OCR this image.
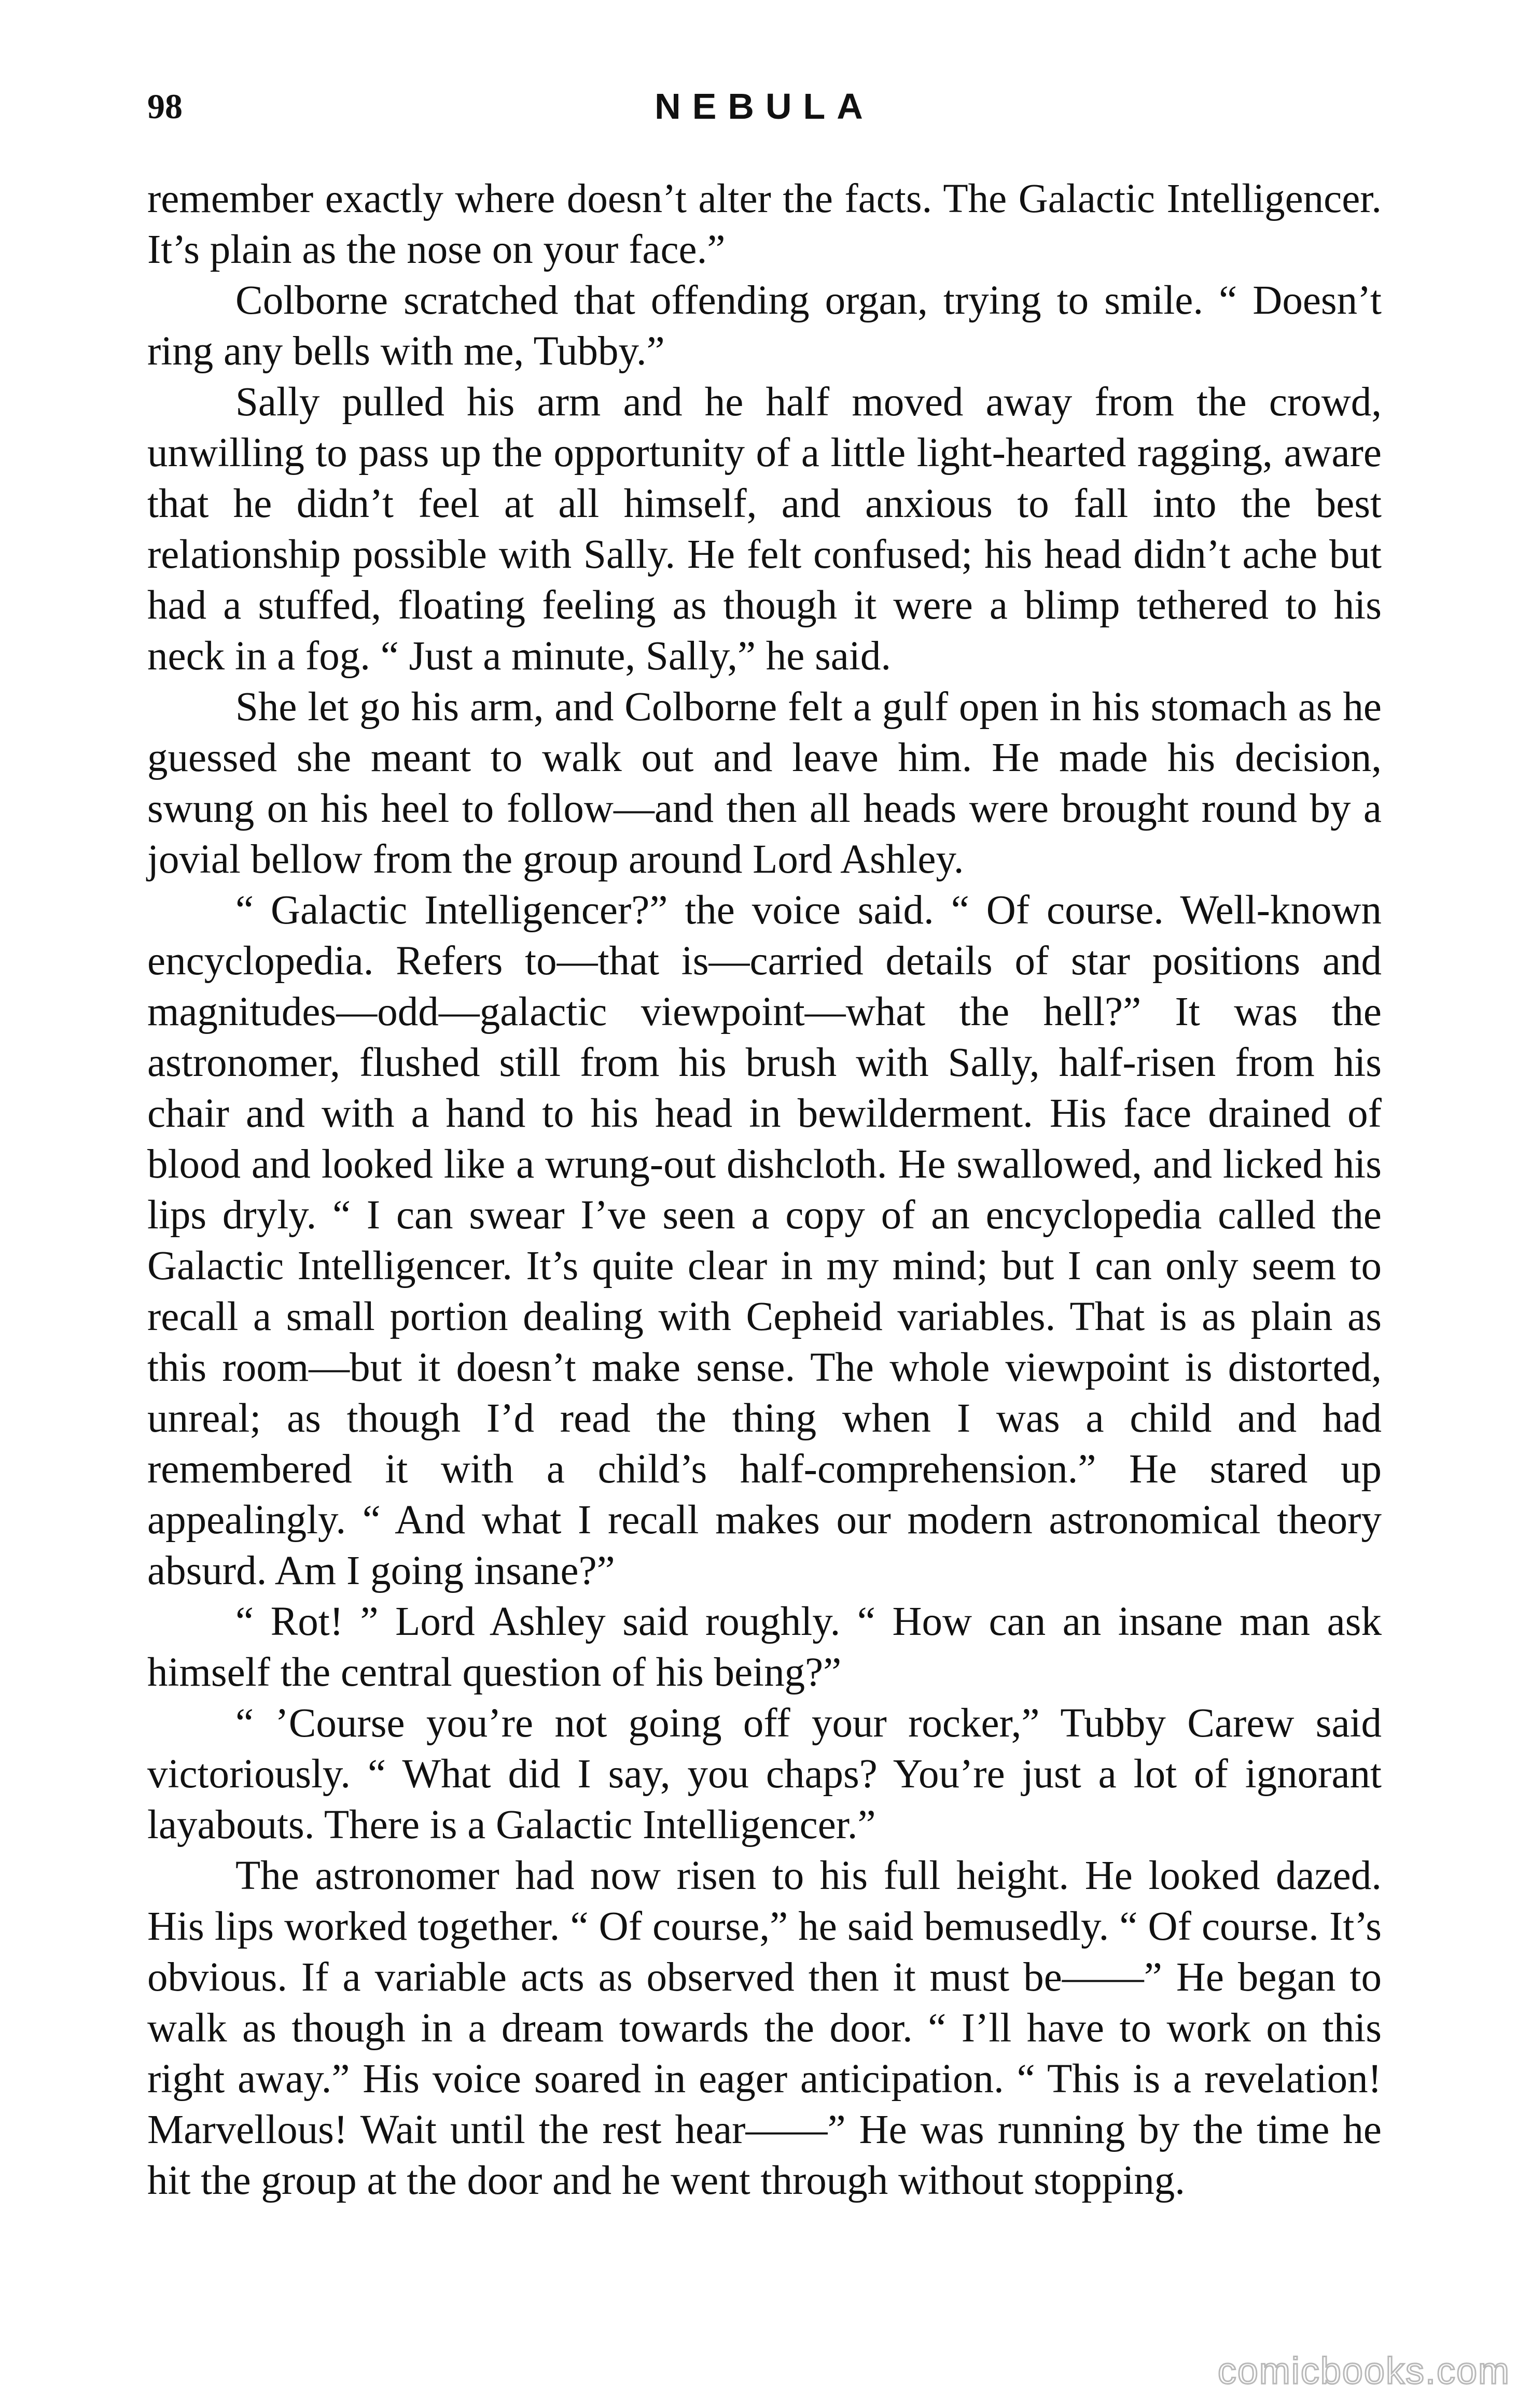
98	NEBULA

remember exactly where doesn’t alter the facts. The Galactic Intelligencer. It’s plain as the nose on your face.”

Colborne scratched that offending organ, trying to smile. “ Doesn’t ring any bells with me, Tubby.”

Sally pulled his arm and he half moved away from the crowd, unwilling to pass up the opportunity of a little light-hearted ragging, aware that he didn’t feel at all himself, and anxious to fall into the best relationship possible with Sally. He felt confused; his head didn’t ache but had a stuffed, floating feeling as though it were a blimp tethered to his neck in a fog. “ Just a minute, Sally,” he said.

She let go his arm, and Colborne felt a gulf open in his stomach as he guessed she meant to walk out and leave him. He made his decision, swung on his heel to follow—and then all heads were brought round by a jovial bellow from the group around Lord Ashley.

“ Galactic Intelligencer?” the voice said. “ Of course. Well-known encyclopedia. Refers to—that is—carried details of star positions and magnitudes—odd—galactic viewpoint—what the hell?” It was the astronomer, flushed still from his brush with Sally, half-risen from his chair and with a hand to his head in bewilderment. His face drained of blood and looked like a wrung-out dishcloth. He swallowed, and licked his lips dryly. “ I can swear I’ve seen a copy of an encyclopedia called the Galactic Intelligencer. It’s quite clear in my mind; but I can only seem to recall a small portion dealing with Cepheid variables. That is as plain as this room—but it doesn’t make sense. The whole viewpoint is distorted, unreal; as though I’d read the thing when I was a child and had remembered it with a child’s half-comprehension.” He stared up appealingly. “ And what I recall makes our modern astronomical theory absurd. Am I going insane?”

“ Rot! ” Lord Ashley said roughly. “ How can an insane man ask himself the central question of his being?”

“ ’Course you’re not going off your rocker,” Tubby Carew said victoriously. “ What did I say, you chaps? You’re just a lot of ignorant layabouts. There is a Galactic Intelligencer.”

The astronomer had now risen to his full height. He looked dazed. His lips worked together. “ Of course,” he said bemusedly. “ Of course. It’s obvious. If a variable acts as observed then it must be——” He began to walk as though in a dream towards the door. “ I’ll have to work on this right away.” His voice soared in eager anticipation. “ This is a revelation! Marvellous! Wait until the rest hear——” He was running by the time he hit the group at the door and he went through without stopping.

comicbooks.com
